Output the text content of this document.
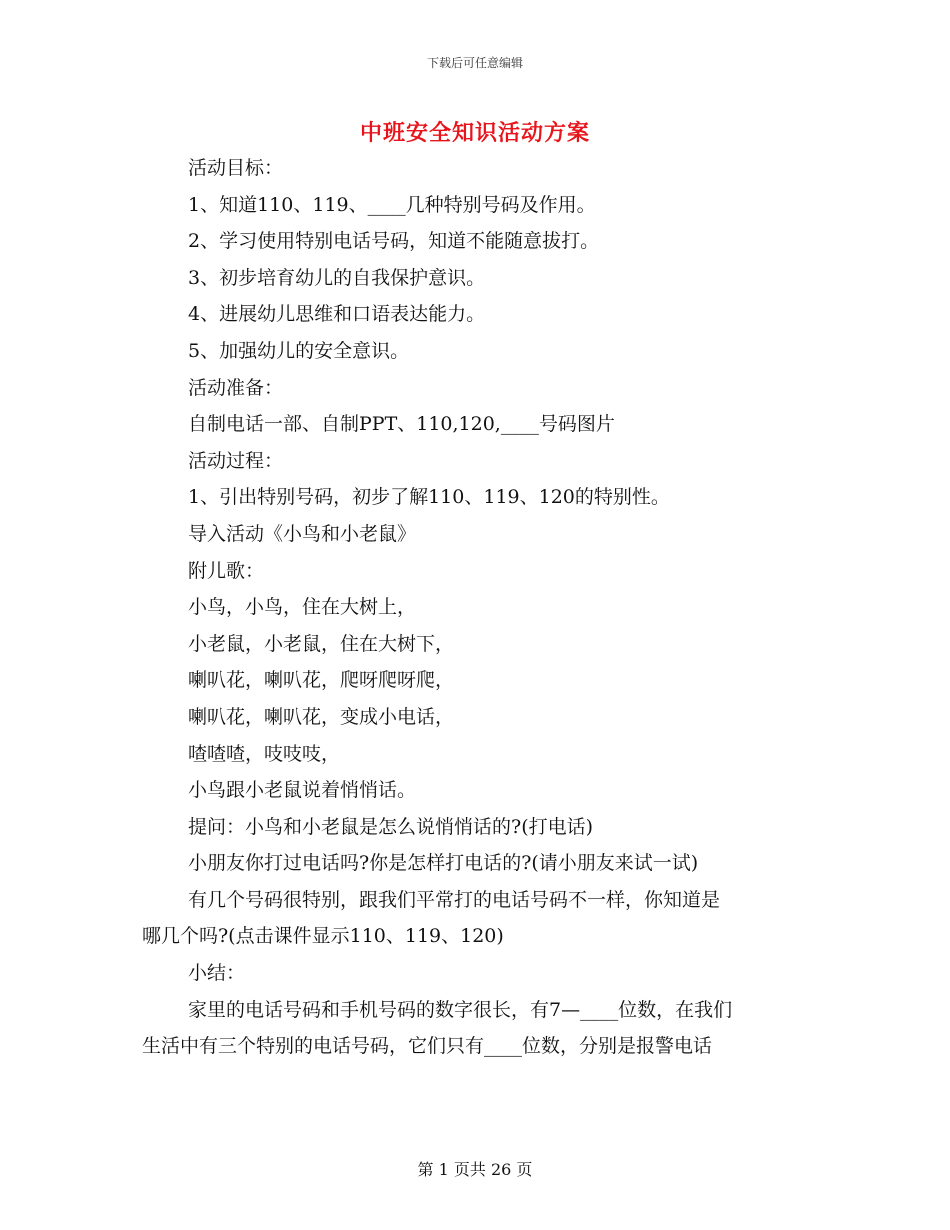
下载后可任意编辑
中班安全知识活动方案
活动目标：
1、知道110、119、____几种特别号码及作用。
2、学习使用特别电话号码，知道不能随意拔打。
3、初步培育幼儿的自我保护意识。
4、进展幼儿思维和口语表达能力。
5、加强幼儿的安全意识。
活动准备：
自制电话一部、自制PPT、110,120,____号码图片
活动过程：
1、引出特别号码，初步了解110、119、120的特别性。
导入活动《小鸟和小老鼠》
附儿歌：
小鸟，小鸟，住在大树上，
小老鼠，小老鼠，住在大树下，
喇叭花，喇叭花，爬呀爬呀爬，
喇叭花，喇叭花，变成小电话，
喳喳喳，吱吱吱，
小鸟跟小老鼠说着悄悄话。
提问：小鸟和小老鼠是怎么说悄悄话的?(打电话)
小朋友你打过电话吗?你是怎样打电话的?(请小朋友来试一试)
有几个号码很特别，跟我们平常打的电话号码不一样，你知道是
哪几个吗?(点击课件显示110、119、120)
小结：
家里的电话号码和手机号码的数字很长，有7—____位数，在我们
生活中有三个特别的电话号码，它们只有____位数，分别是报警电话
第 1 页共 26 页
